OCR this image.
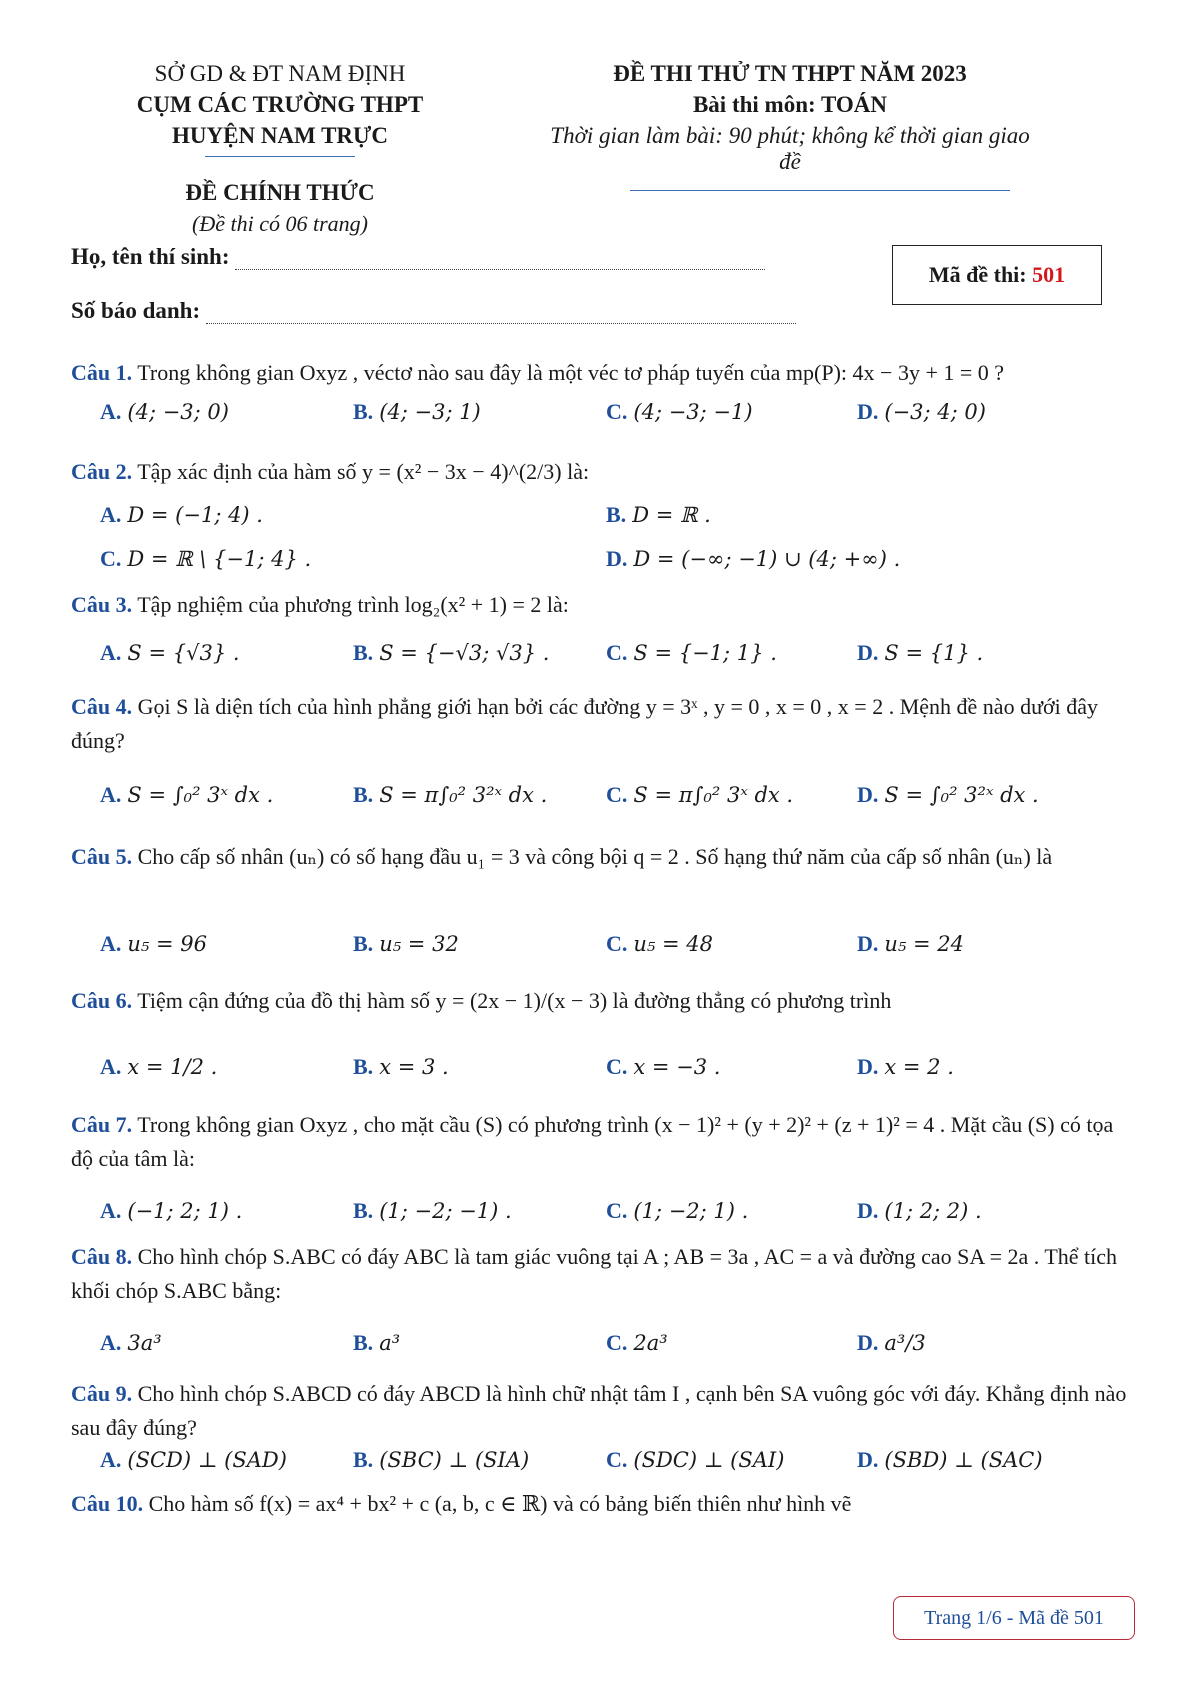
SỞ GD & ĐT NAM ĐỊNH
CỤM CÁC TRƯỜNG THPT
HUYỆN NAM TRỰC
ĐỀ CHÍNH THỨC
(Đề thi có 06 trang)
ĐỀ THI THỬ TN THPT NĂM 2023
Bài thi môn: TOÁN
Thời gian làm bài: 90 phút; không kể thời gian giao
đề
Họ, tên thí sinh:
Số báo danh:
Mã đề thi:
501
Câu 1. Trong không gian Oxyz , véctơ nào sau đây là một véc tơ pháp tuyến của mp(P): 4x − 3y + 1 = 0 ?
A. (4; −3; 0)	B. (4; −3; 1)	C. (4; −3; −1)	D. (−3; 4; 0)
Câu 2. Tập xác định của hàm số y = (x² − 3x − 4)^(2/3) là:
A. D = (−1; 4) .	B. D = ℝ .
C. D = ℝ \ {−1; 4} .	D. D = (−∞; −1) ∪ (4; +∞) .
Câu 3. Tập nghiệm của phương trình log₂(x² + 1) = 2 là:
A. S = {√3} .	B. S = {−√3; √3} .	C. S = {−1; 1} .	D. S = {1} .
Câu 4. Gọi S là diện tích của hình phẳng giới hạn bởi các đường y = 3ˣ , y = 0 , x = 0 , x = 2 . Mệnh đề nào dưới đây đúng?
A. S = ∫₀² 3ˣ dx .	B. S = π∫₀² 3²ˣ dx .	C. S = π∫₀² 3ˣ dx .	D. S = ∫₀² 3²ˣ dx .
Câu 5. Cho cấp số nhân (uₙ) có số hạng đầu u₁ = 3 và công bội q = 2 . Số hạng thứ năm của cấp số nhân (uₙ) là
A. u₅ = 96	B. u₅ = 32	C. u₅ = 48	D. u₅ = 24
Câu 6. Tiệm cận đứng của đồ thị hàm số y = (2x − 1)/(x − 3) là đường thẳng có phương trình
A. x = 1/2 .	B. x = 3 .	C. x = −3 .	D. x = 2 .
Câu 7. Trong không gian Oxyz , cho mặt cầu (S) có phương trình (x − 1)² + (y + 2)² + (z + 1)² = 4 . Mặt cầu (S) có tọa độ của tâm là:
A. (−1; 2; 1) .	B. (1; −2; −1) .	C. (1; −2; 1) .	D. (1; 2; 2) .
Câu 8. Cho hình chóp S.ABC có đáy ABC là tam giác vuông tại A ; AB = 3a , AC = a và đường cao SA = 2a . Thể tích khối chóp S.ABC bằng:
A. 3a³	B. a³	C. 2a³	D. a³/3
Câu 9. Cho hình chóp S.ABCD có đáy ABCD là hình chữ nhật tâm I , cạnh bên SA vuông góc với đáy. Khẳng định nào sau đây đúng?
A. (SCD) ⊥ (SAD)	B. (SBC) ⊥ (SIA)	C. (SDC) ⊥ (SAI)	D. (SBD) ⊥ (SAC)
Câu 10. Cho hàm số f(x) = ax⁴ + bx² + c (a, b, c ∈ ℝ) và có bảng biến thiên như hình vẽ
Trang 1/6 - Mã đề 501
